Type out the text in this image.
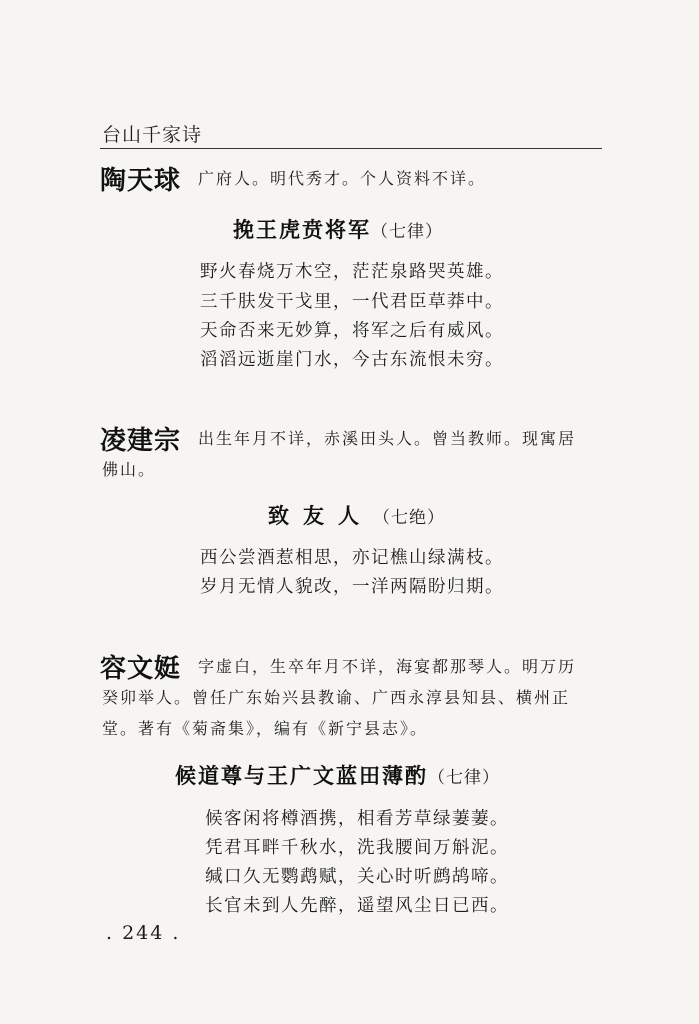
台山千家诗
陶天球 广府人。明代秀才。个人资料不详。
挽王虎贲将军（七律）
野火春烧万木空，茫茫泉路哭英雄。
三千肤发干戈里，一代君臣草莽中。
天命否来无妙算，将军之后有威风。
滔滔远逝崖门水，今古东流恨未穷。
凌建宗 出生年月不详，赤溪田头人。曾当教师。现寓居
佛山。
致友人（七绝）
西公尝酒惹相思，亦记樵山绿满枝。
岁月无情人貌改，一洋两隔盼归期。
容文娗 字虚白，生卒年月不详，海宴都那琴人。明万历
癸卯举人。曾任广东始兴县教谕、广西永淳县知县、横州正
堂。著有《菊斋集》，编有《新宁县志》。
候道尊与王广文蓝田薄酌（七律）
候客闲将樽酒携，相看芳草绿萋萋。
凭君耳畔千秋水，洗我腰间万斛泥。
缄口久无鹦鹉赋，关心时听鹧鸪啼。
长官未到人先醉，遥望风尘日已西。
. 244 .
